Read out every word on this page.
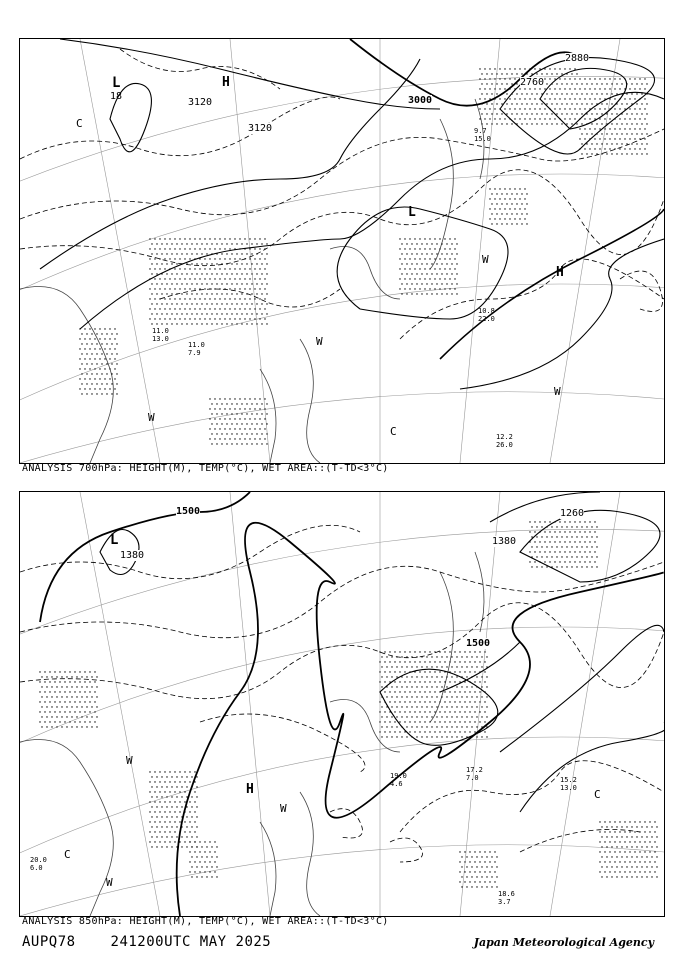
3000
3120
3120
2760
2880
L
18
H
L
H
C
C
W
W
W
W
12.2
26.0
10.8
22.0
11.0
13.0
11.0
7.9
9.7
15.0
ANALYSIS 700hPa: HEIGHT(M), TEMP(°C), WET AREA::(T-TD<3°C)
1500
1380
1500
1260
1380
L
H
C
C
W
W
W
15.2
13.0
17.2
7.0
18.6
3.7
19.0
4.6
20.0
6.0
ANALYSIS 850hPa: HEIGHT(M), TEMP(°C), WET AREA::(T-TD<3°C)
AUPQ78 241200UTC MAY 2025	Japan Meteorological Agency
